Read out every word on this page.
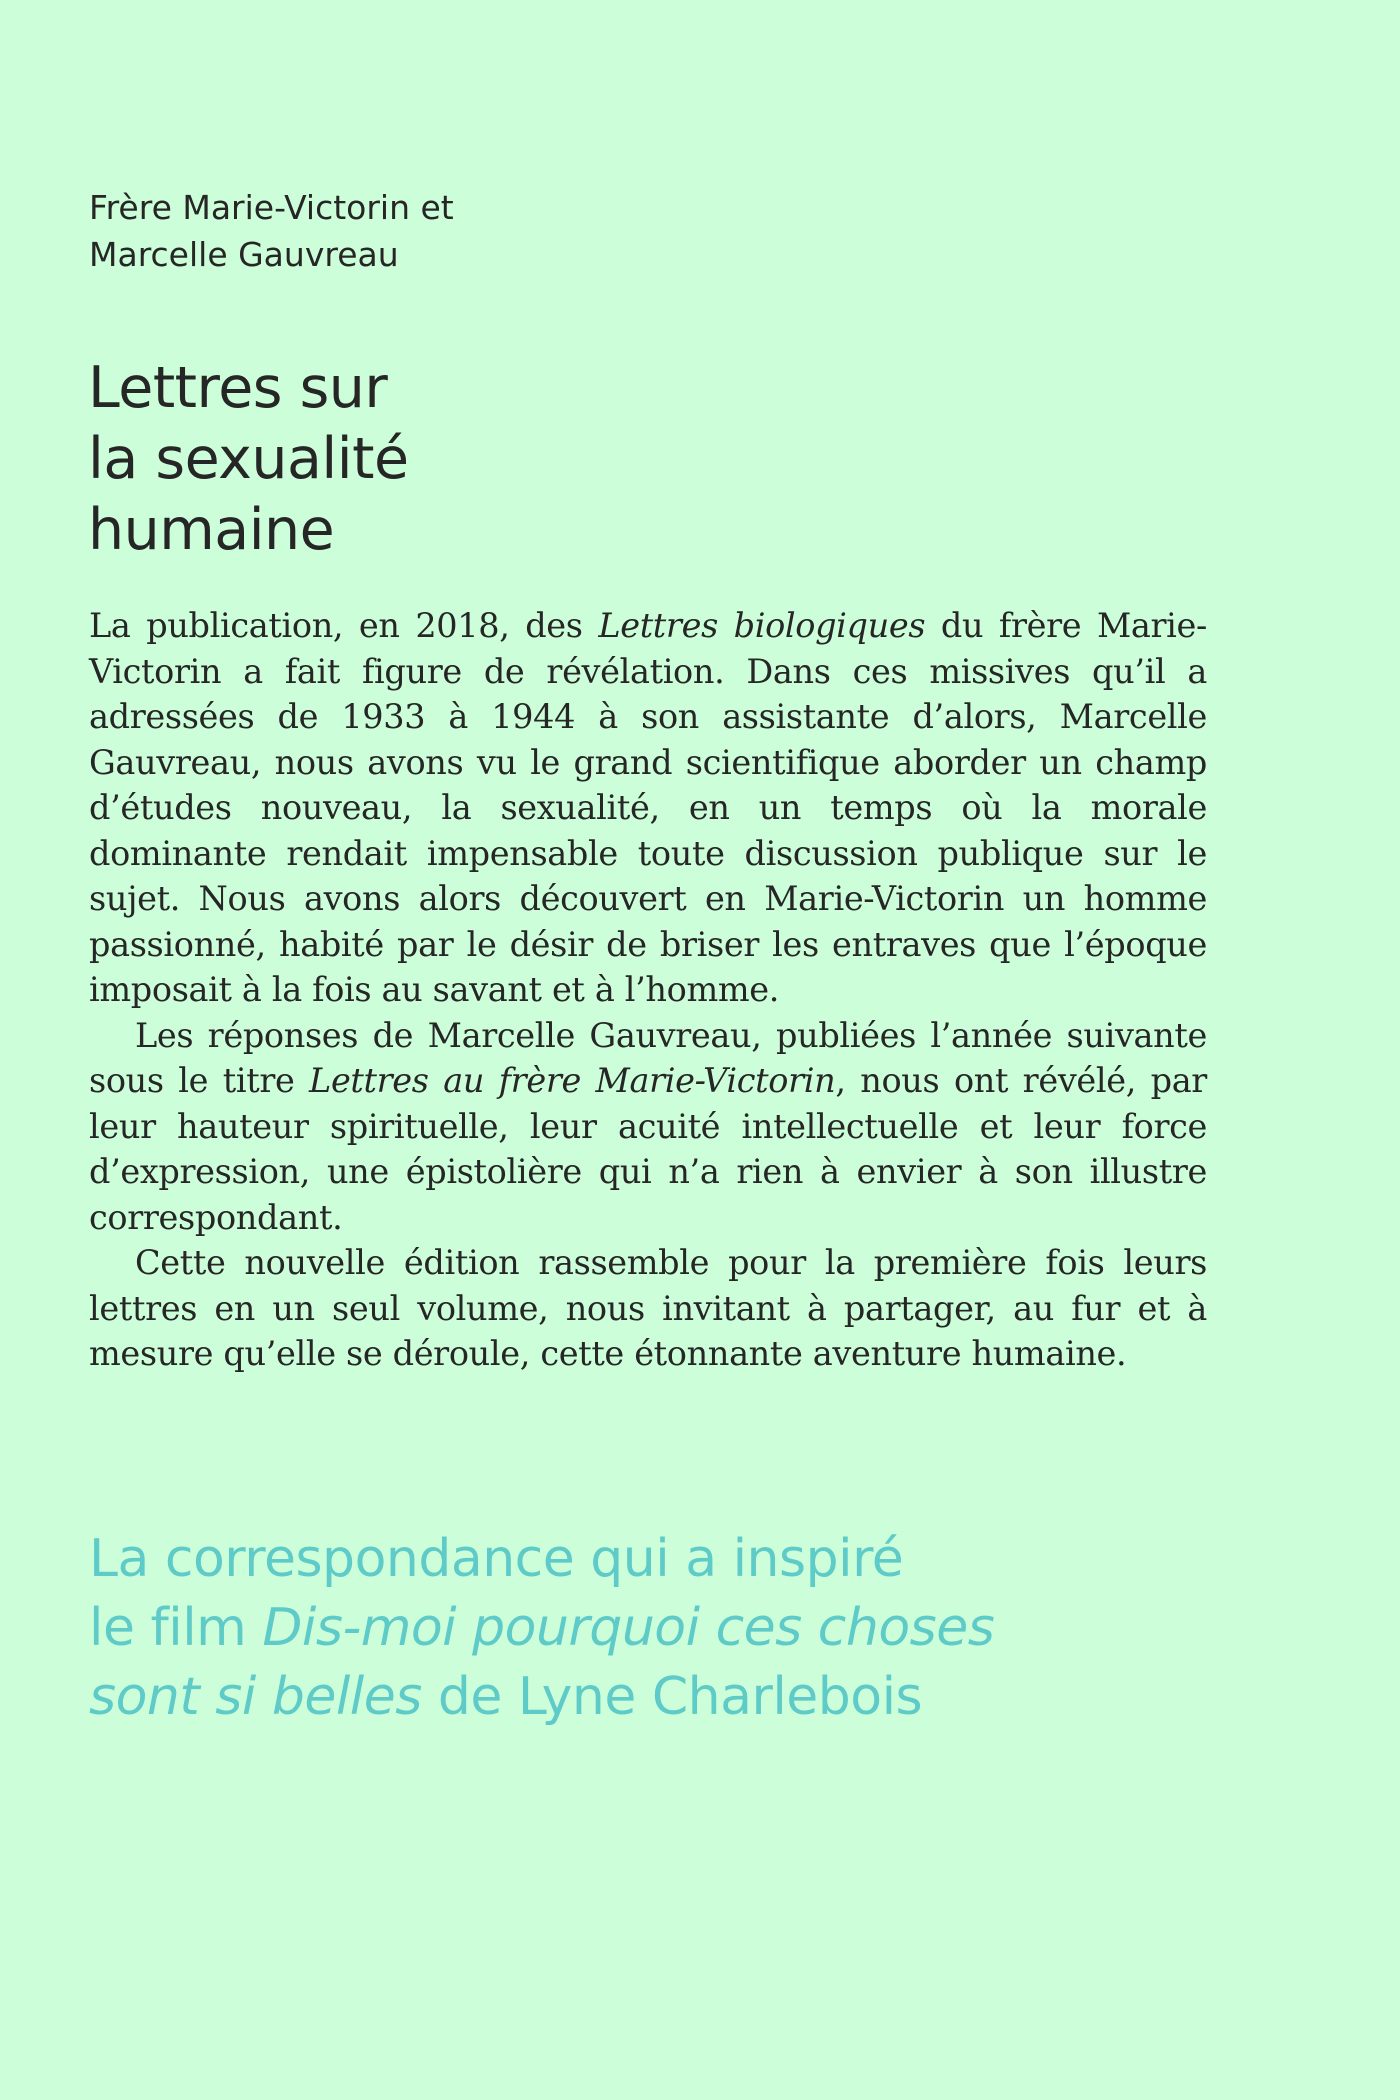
Frère Marie-Victorin et
Marcelle Gauvreau
Lettres sur
la sexualité
humaine

La publication, en 2018, des Lettres biologiques du frère Marie-Victorin a fait figure de révélation. Dans ces missives qu’il a adressées de 1933 à 1944 à son assistante d’alors, Marcelle Gauvreau, nous avons vu le grand scientifique aborder un champ d’études nouveau, la sexualité, en un temps où la morale dominante rendait impensable toute discussion publique sur le sujet. Nous avons alors découvert en Marie-Victorin un homme passionné, habité par le désir de briser les entraves que l’époque imposait à la fois au savant et à l’homme.

Les réponses de Marcelle Gauvreau, publiées l’année suivante sous le titre Lettres au frère Marie-Victorin, nous ont révélé, par leur hauteur spirituelle, leur acuité intellectuelle et leur force d’expression, une épistolière qui n’a rien à envier à son illustre correspondant.

Cette nouvelle édition rassemble pour la première fois leurs lettres en un seul volume, nous invitant à partager, au fur et à mesure qu’elle se déroule, cette étonnante aventure humaine.

La correspondance qui a inspiré
le film Dis-moi pourquoi ces choses
sont si belles de Lyne Charlebois
